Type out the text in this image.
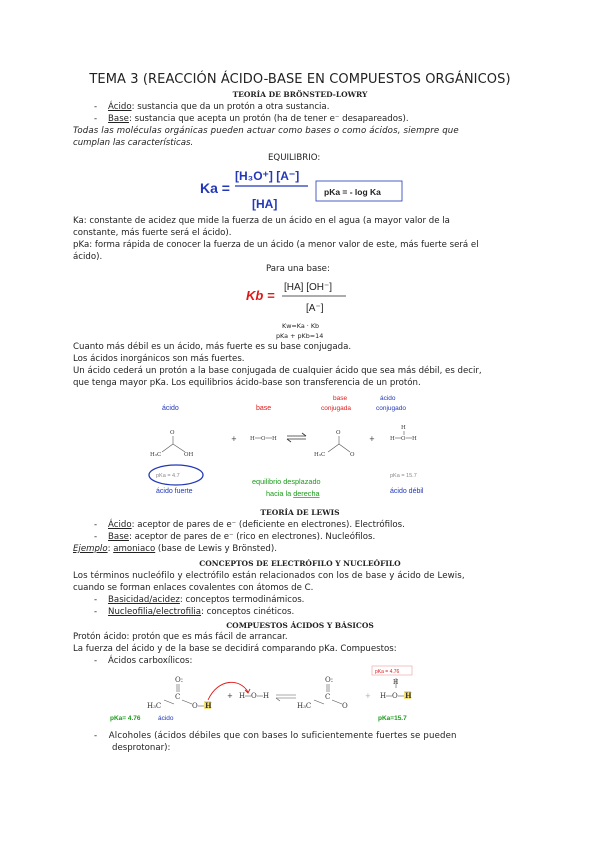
TEMA 3 (REACCIÓN ÁCIDO-BASE EN COMPUESTOS ORGÁNICOS)
TEORÍA DE BRÖNSTED-LOWRY
-    Ácido: sustancia que da un protón a otra sustancia.
-    Base: sustancia que acepta un protón (ha de tener e⁻ desapareados).
Todas las moléculas orgánicas pueden actuar como bases o como ácidos, siempre que
cumplan las características.
EQUILIBRIO:
Ka =
[H₃O⁺] [A⁻]
[HA]
pKa = - log Ka
Ka: constante de acidez que mide la fuerza de un ácido en el agua (a mayor valor de la
constante, más fuerte será el ácido).
pKa: forma rápida de conocer la fuerza de un ácido (a menor valor de este, más fuerte será el
ácido).
Para una base:
Kb =
[HA] [OH⁻]
[A⁻]
Kw=Ka · Kb
pKa + pKb=14
Cuanto más débil es un ácido, más fuerte es su base conjugada.
Los ácidos inorgánicos son más fuertes.
Un ácido cederá un protón a la base conjugada de cualquier ácido que sea más débil, es decir,
que tenga mayor pKa. Los equilibrios ácido-base son transferencia de un protón.
ácido	base
base
conjugada
ácido
conjugado
O
H₃C	OH
+ H O H
O
H₃C	O
+	H O H
H
pKa = 4.7
ácido fuerte
pKa = 15.7
ácido débil
equilibrio desplazado
hacia la derecha
TEORÍA DE LEWIS
-    Ácido: aceptor de pares de e⁻ (deficiente en electrones). Electrófilos.
-    Base: aceptor de pares de e⁻ (rico en electrones). Nucleófilos.
Ejemplo: amoniaco (base de Lewis y Brönsted).
CONCEPTOS DE ELECTRÓFILO Y NUCLEÓFILO
Los términos nucleófilo y electrófilo están relacionados con los de base y ácido de Lewis,
cuando se forman enlaces covalentes con átomos de C.
-    Basicidad/acidez: conceptos termodinámicos.
-    Nucleofilia/electrofilia: conceptos cinéticos.
COMPUESTOS ÁCIDOS Y BÁSICOS
Protón ácido: protón que es más fácil de arrancar.
La fuerza del ácido y de la base se decidirá comparando pKa. Compuestos:
-    Ácidos carboxílicos:
O:
C
H₃C	O H
+ H O H
O:
C
H₃C	O
+
pKa = 4.76
H
H O H
pKa= 4.76	ácido	pKa=15.7
-    Alcoholes (ácidos débiles que con bases lo suficientemente fuertes se pueden
desprotonar):
